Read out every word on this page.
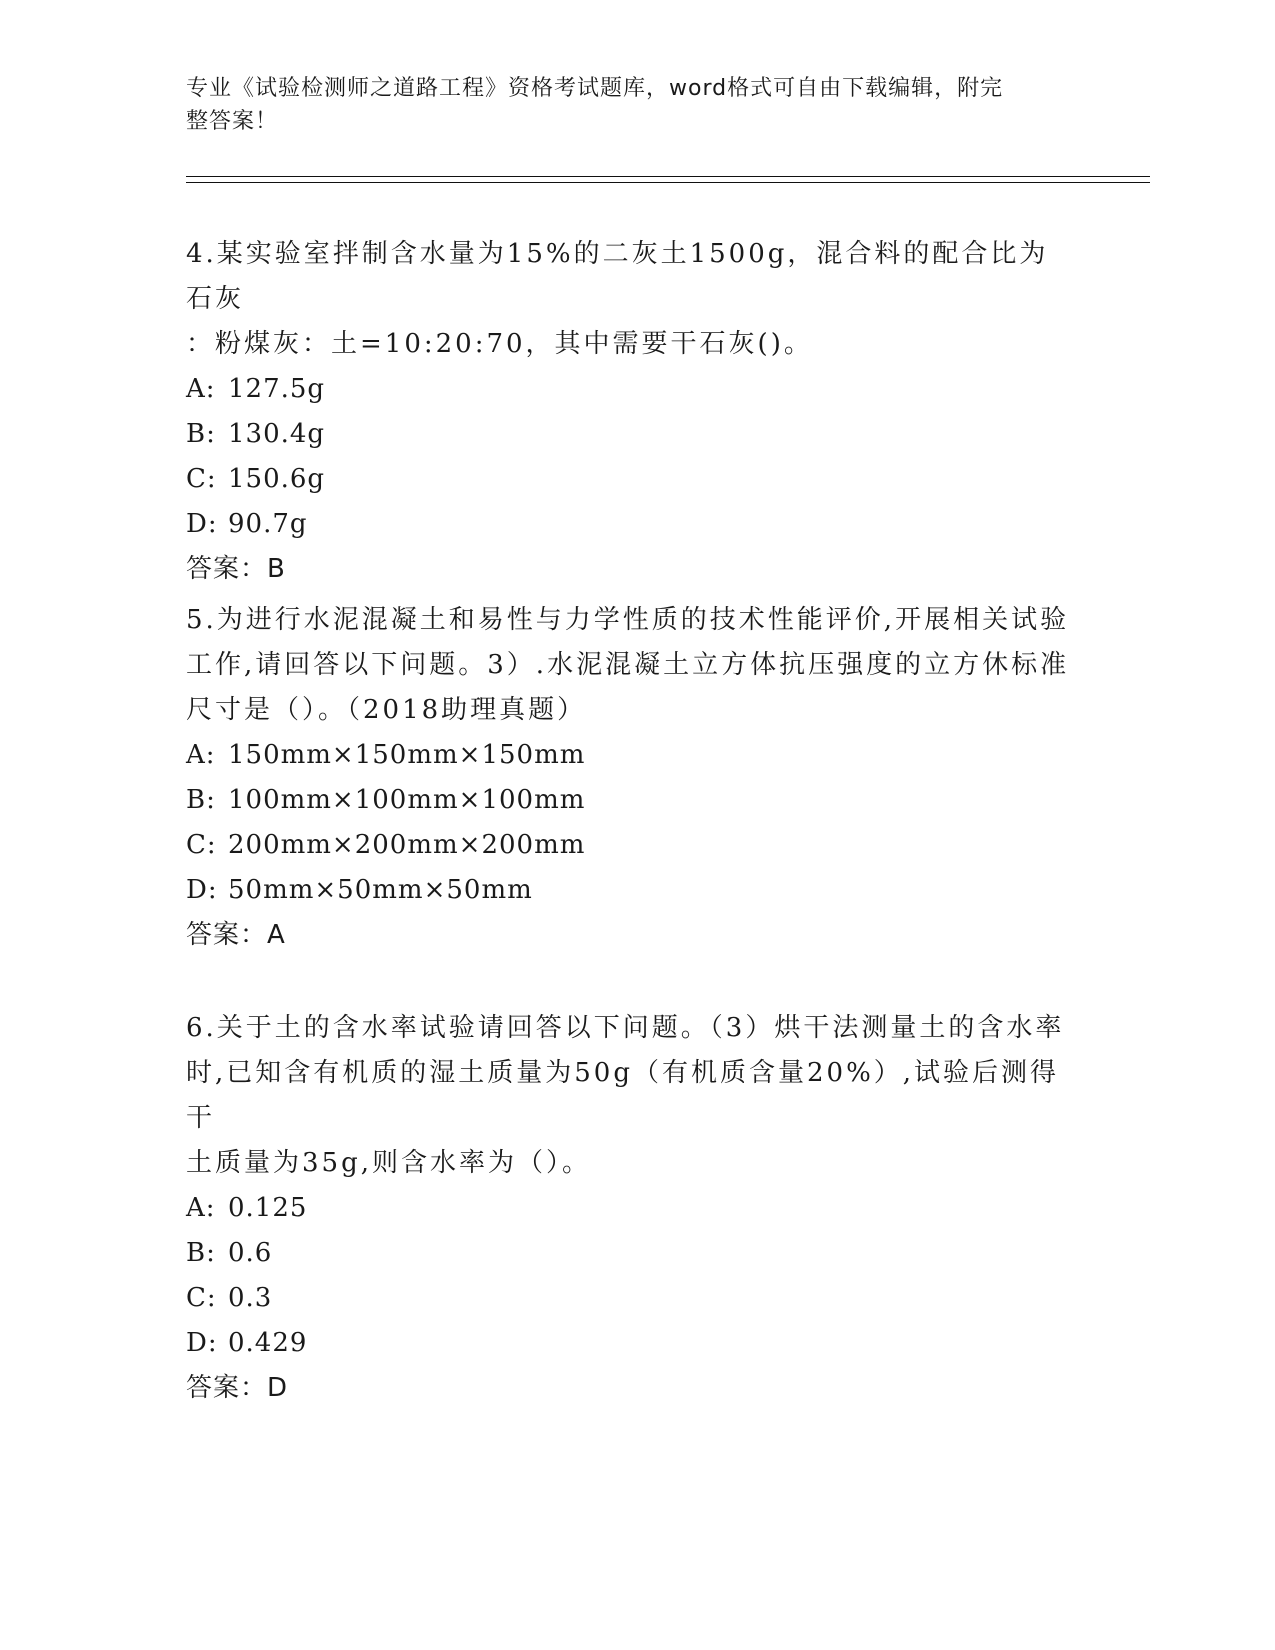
专业《试验检测师之道路工程》资格考试题库，word格式可自由下载编辑，附完
整答案！

4.某实验室拌制含水量为15%的二灰土1500g，混合料的配合比为石灰

：粉煤灰：土=10:20:70，其中需要干石灰()。

A: 127.5g

B: 130.4g

C: 150.6g

D: 90.7g

答案：B

5.为进行水泥混凝土和易性与力学性质的技术性能评价,开展相关试验

工作,请回答以下问题。3）.水泥混凝土立方体抗压强度的立方休标准

尺寸是（）。（2018助理真题）

A: 150mm×150mm×150mm

B: 100mm×100mm×100mm

C: 200mm×200mm×200mm

D: 50mm×50mm×50mm

答案：A

6.关于土的含水率试验请回答以下问题。（3）烘干法测量土的含水率

时,已知含有机质的湿土质量为50g（有机质含量20%）,试验后测得干

土质量为35g,则含水率为（）。

A: 0.125

B: 0.6

C: 0.3

D: 0.429

答案：D
